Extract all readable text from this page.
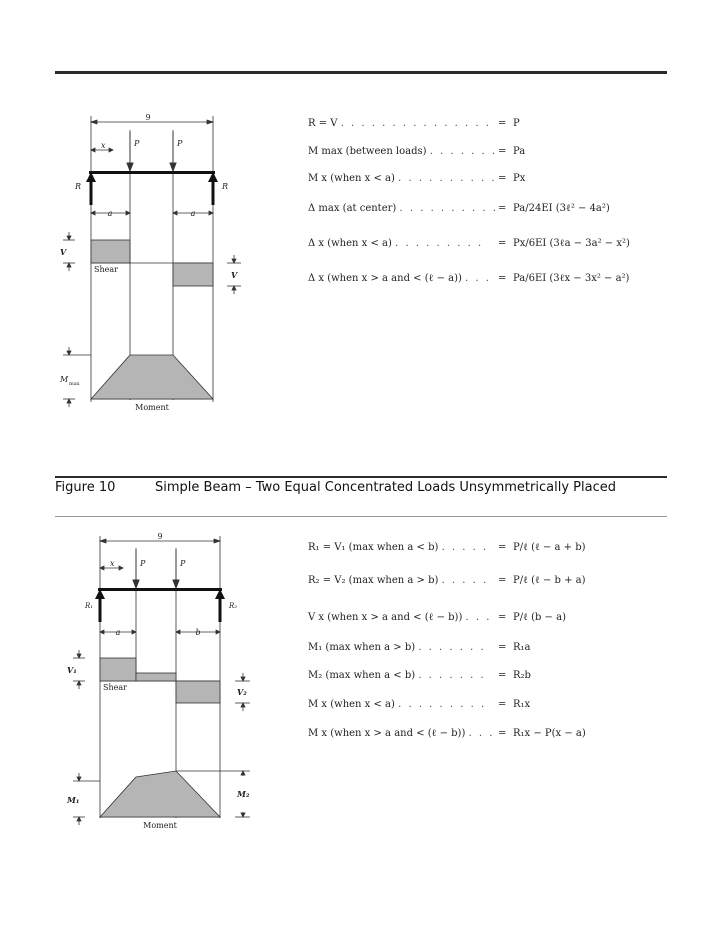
9
x	P	P
R	R
a	a
V
V
Shear
M max
Moment
R = V . . . . . . . . . . . . . . . = P
M max (between loads) . . . . . . . = Pa
M x (when x < a) . . . . . . . . . . = Px
Δ max (at center) . . . . . . . . . . = Pa/24EI (3ℓ² − 4a²)
Δ x (when x < a) . . . . . . . . . = Px/6EI (3ℓa − 3a² − x²)
Δ x (when x > a and < (ℓ − a)) . . . = Pa/6EI (3ℓx − 3x² − a²)
Figure 10	Simple Beam – Two Equal Concentrated Loads Unsymmetrically Placed
9
x	P	P
R₁	R₂
a	b
V₁
V₂
Shear
M₁
M₂
Moment
R₁ = V₁ (max when a < b) . . . . . = P/ℓ (ℓ − a + b)
R₂ = V₂ (max when a > b) . . . . . = P/ℓ (ℓ − b + a)
V x (when x > a and < (ℓ − b)) . . . = P/ℓ (b − a)
M₁ (max when a > b) . . . . . . . = R₁a
M₂ (max when a < b) . . . . . . . = R₂b
M x (when x < a) . . . . . . . . . = R₁x
M x (when x > a and < (ℓ − b)) . . . = R₁x − P(x − a)
